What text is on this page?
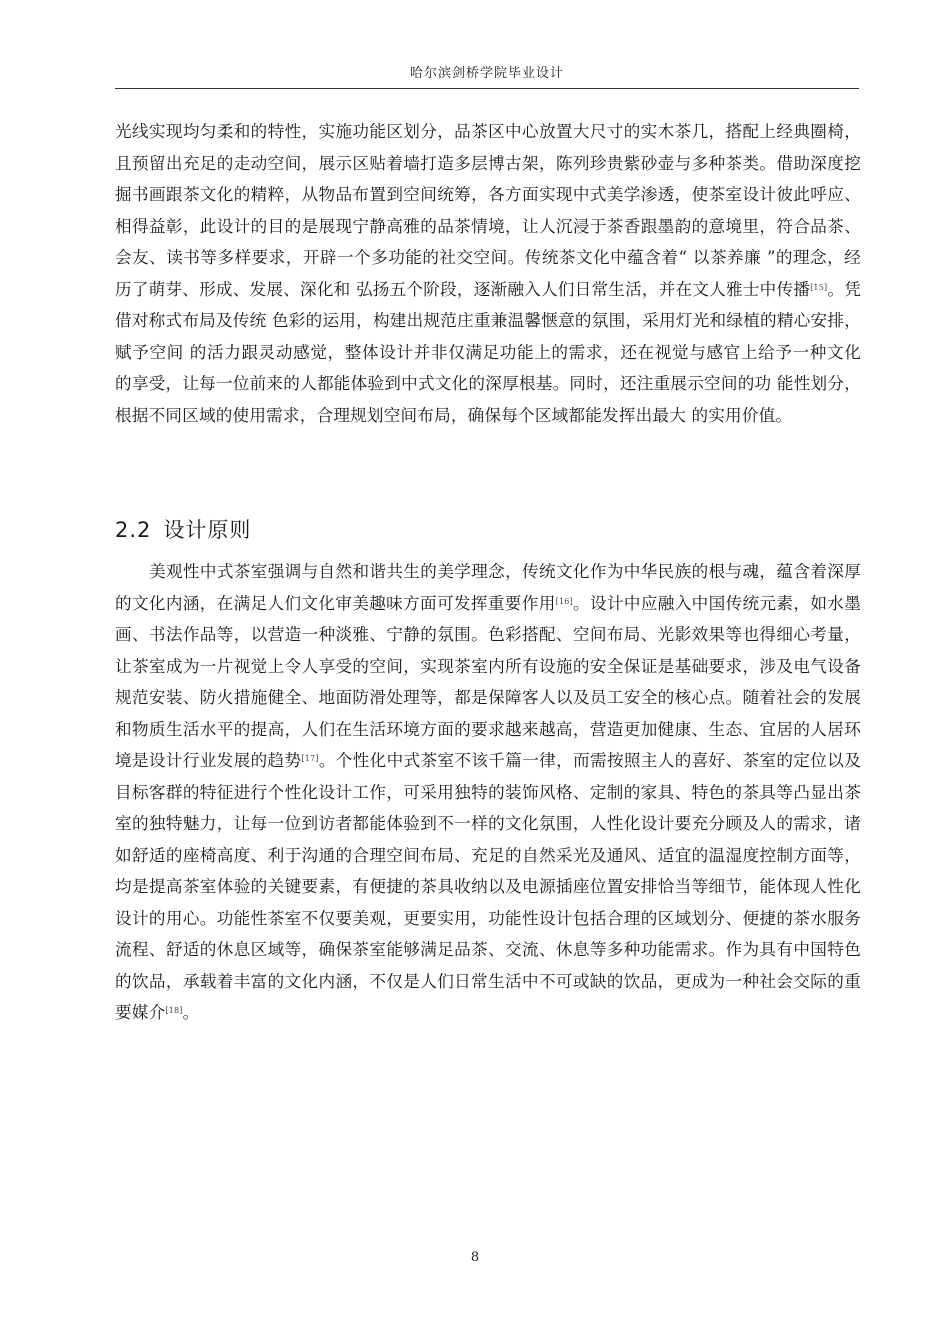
哈尔滨剑桥学院毕业设计
光线实现均匀柔和的特性，实施功能区划分，品茶区中心放置大尺寸的实木茶几，搭配上经典圈椅，且预留出充足的走动空间，展示区贴着墙打造多层博古架，陈列珍贵紫砂壶与多种茶类。借助深度挖掘书画跟茶文化的精粹，从物品布置到空间统筹，各方面实现中式美学渗透，使茶室设计彼此呼应、相得益彰，此设计的目的是展现宁静高雅的品茶情境，让人沉浸于茶香跟墨韵的意境里，符合品茶、会友、读书等多样要求，开辟一个多功能的社交空间。传统茶文化中蕴含着“ 以茶养廉 ”的理念，经历了萌芽、形成、发展、深化和 弘扬五个阶段，逐渐融入人们日常生活，并在文人雅士中传播[15]。凭借对称式布局及传统 色彩的运用，构建出规范庄重兼温馨惬意的氛围，采用灯光和绿植的精心安排，赋予空间 的活力跟灵动感觉，整体设计并非仅满足功能上的需求，还在视觉与感官上给予一种文化 的享受，让每一位前来的人都能体验到中式文化的深厚根基。同时，还注重展示空间的功 能性划分，根据不同区域的使用需求，合理规划空间布局，确保每个区域都能发挥出最大 的实用价值。
2.2 设计原则
美观性中式茶室强调与自然和谐共生的美学理念，传统文化作为中华民族的根与魂，蕴含着深厚的文化内涵，在满足人们文化审美趣味方面可发挥重要作用[16]。设计中应融入中国传统元素，如水墨画、书法作品等，以营造一种淡雅、宁静的氛围。色彩搭配、空间布局、光影效果等也得细心考量，让茶室成为一片视觉上令人享受的空间，实现茶室内所有设施的安全保证是基础要求，涉及电气设备规范安装、防火措施健全、地面防滑处理等，都是保障客人以及员工安全的核心点。随着社会的发展和物质生活水平的提高，人们在生活环境方面的要求越来越高，营造更加健康、生态、宜居的人居环境是设计行业发展的趋势[17]。个性化中式茶室不该千篇一律，而需按照主人的喜好、茶室的定位以及目标客群的特征进行个性化设计工作，可采用独特的装饰风格、定制的家具、特色的茶具等凸显出茶室的独特魅力，让每一位到访者都能体验到不一样的文化氛围，人性化设计要充分顾及人的需求，诸如舒适的座椅高度、利于沟通的合理空间布局、充足的自然采光及通风、适宜的温湿度控制方面等，均是提高茶室体验的关键要素，有便捷的茶具收纳以及电源插座位置安排恰当等细节，能体现人性化设计的用心。功能性茶室不仅要美观，更要实用，功能性设计包括合理的区域划分、便捷的茶水服务流程、舒适的休息区域等，确保茶室能够满足品茶、交流、休息等多种功能需求。作为具有中国特色的饮品，承载着丰富的文化内涵，不仅是人们日常生活中不可或缺的饮品，更成为一种社会交际的重要媒介[18]。
8
